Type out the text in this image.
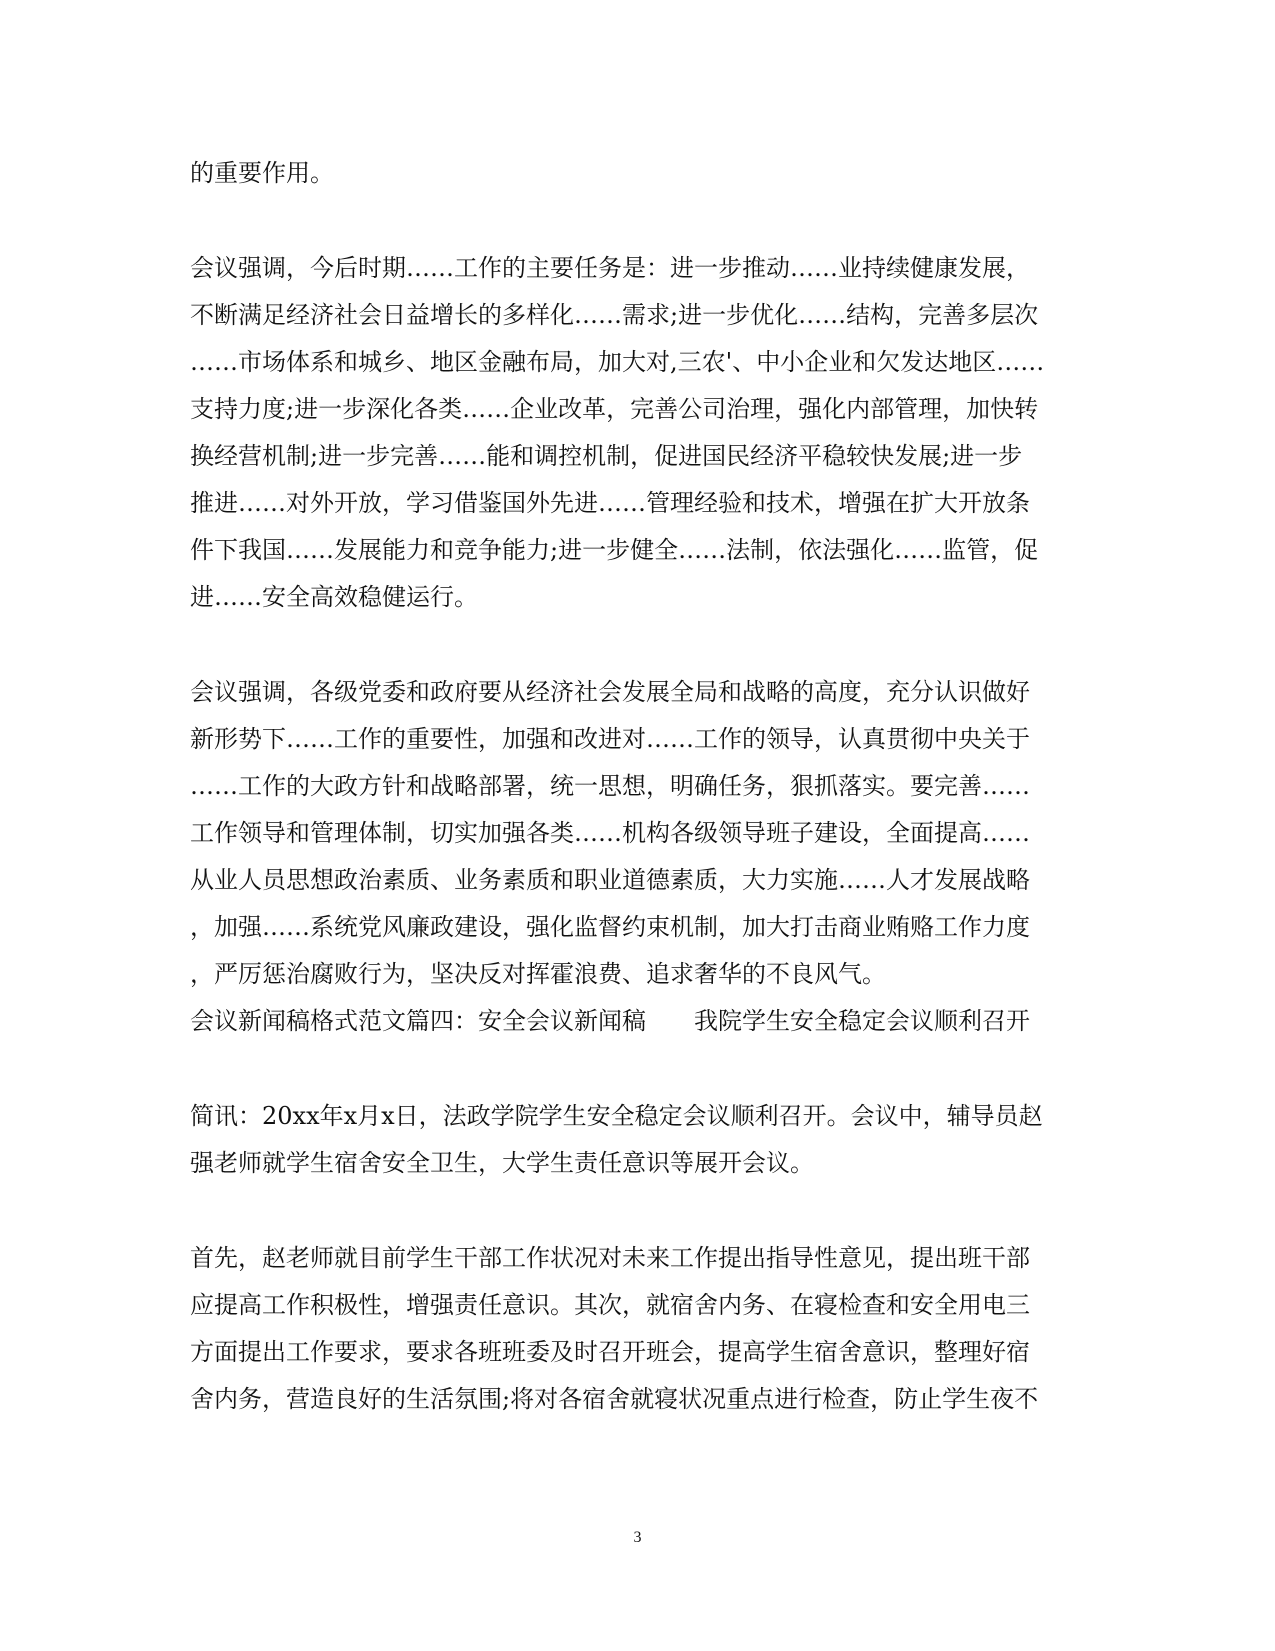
的重要作用。
会议强调，今后时期……工作的主要任务是：进一步推动……业持续健康发展，
不断满足经济社会日益增长的多样化……需求;进一步优化……结构，完善多层次
……市场体系和城乡、地区金融布局，加大对,三农'、中小企业和欠发达地区……
支持力度;进一步深化各类……企业改革，完善公司治理，强化内部管理，加快转
换经营机制;进一步完善……能和调控机制，促进国民经济平稳较快发展;进一步
推进……对外开放，学习借鉴国外先进……管理经验和技术，增强在扩大开放条
件下我国……发展能力和竞争能力;进一步健全……法制，依法强化……监管，促
进……安全高效稳健运行。
会议强调，各级党委和政府要从经济社会发展全局和战略的高度，充分认识做好
新形势下……工作的重要性，加强和改进对……工作的领导，认真贯彻中央关于
……工作的大政方针和战略部署，统一思想，明确任务，狠抓落实。要完善……
工作领导和管理体制，切实加强各类……机构各级领导班子建设，全面提高……
从业人员思想政治素质、业务素质和职业道德素质，大力实施……人才发展战略
，加强……系统党风廉政建设，强化监督约束机制，加大打击商业贿赂工作力度
，严厉惩治腐败行为，坚决反对挥霍浪费、追求奢华的不良风气。
会议新闻稿格式范文篇四：安全会议新闻稿　　我院学生安全稳定会议顺利召开
简讯：20xx年x月x日，法政学院学生安全稳定会议顺利召开。会议中，辅导员赵
强老师就学生宿舍安全卫生，大学生责任意识等展开会议。
首先，赵老师就目前学生干部工作状况对未来工作提出指导性意见，提出班干部
应提高工作积极性，增强责任意识。其次，就宿舍内务、在寝检查和安全用电三
方面提出工作要求，要求各班班委及时召开班会，提高学生宿舍意识，整理好宿
舍内务，营造良好的生活氛围;将对各宿舍就寝状况重点进行检查，防止学生夜不
3
